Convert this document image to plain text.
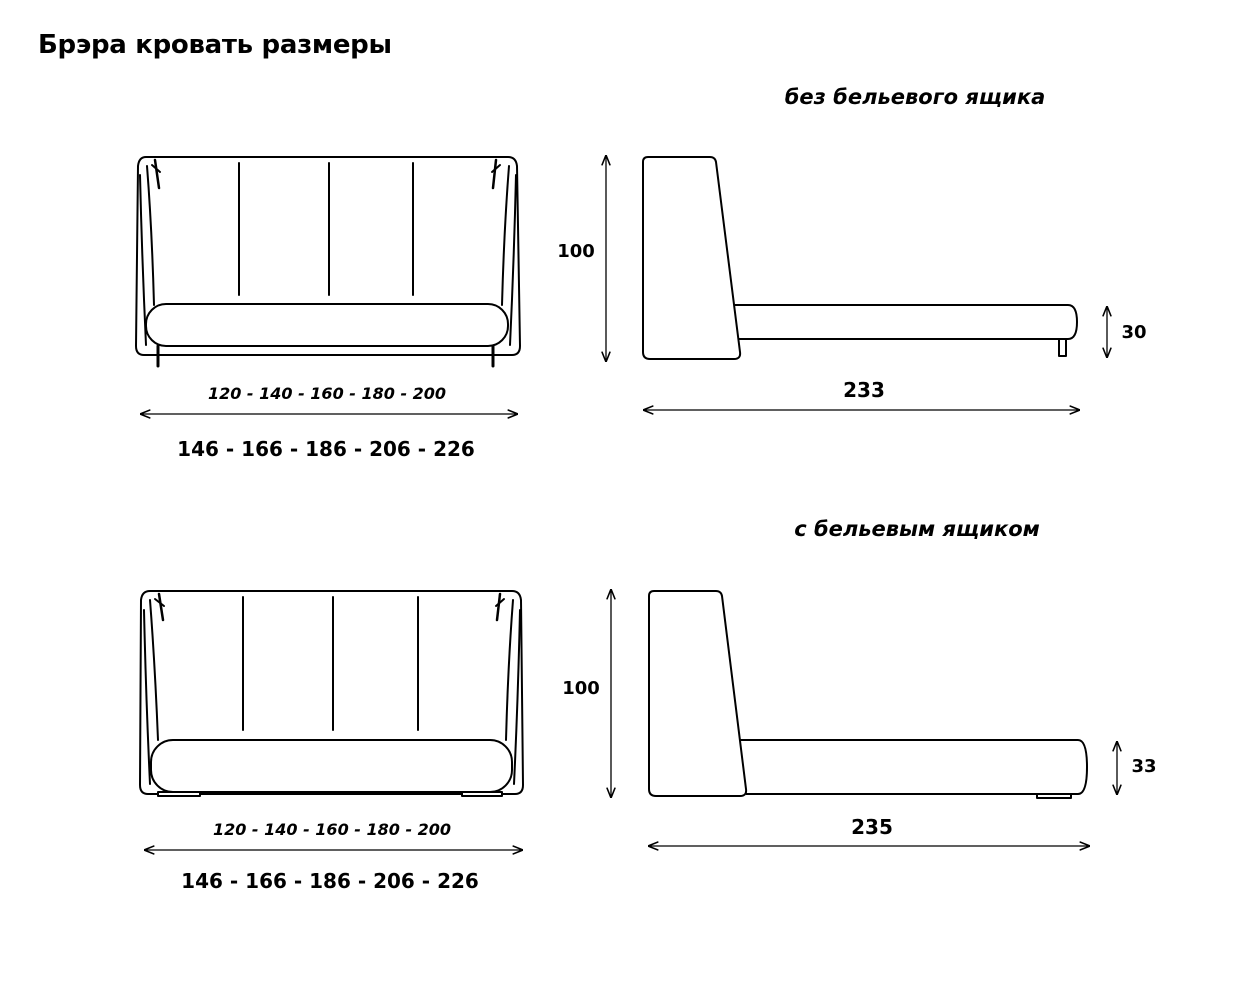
Брэра кровать размеры
без бельевого ящика
120 - 140 - 160 - 180 - 200
146 - 166 - 186 - 206 - 226
100
233
30
с бельевым ящиком
120 - 140 - 160 - 180 - 200
146 - 166 - 186 - 206 - 226
100
235
33
